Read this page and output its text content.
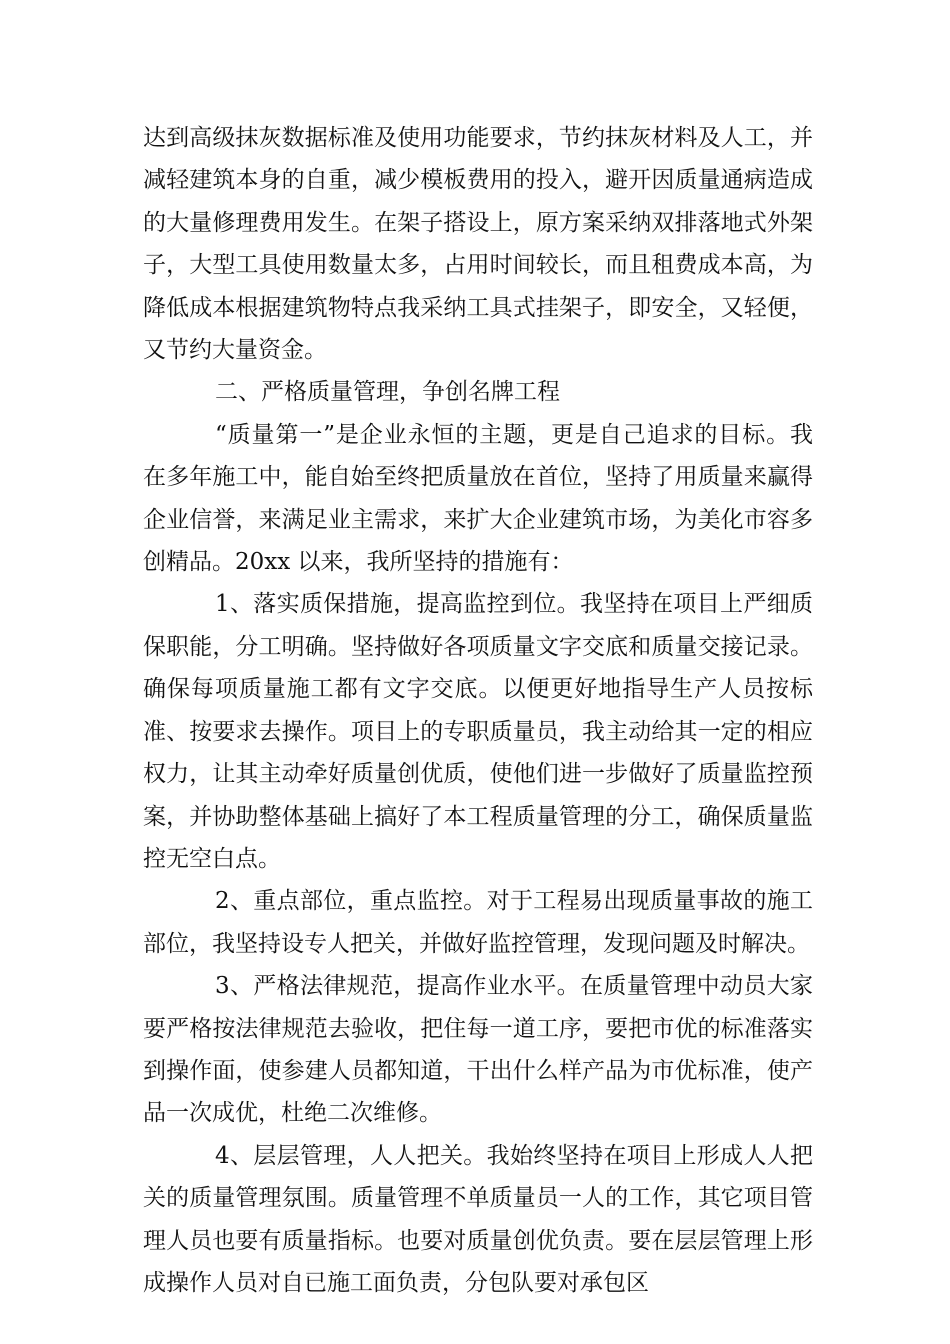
达到高级抹灰数据标准及使用功能要求，节约抹灰材料及人工，并减轻建筑本身的自重，减少模板费用的投入，避开因质量通病造成的大量修理费用发生。在架子搭设上，原方案采纳双排落地式外架子，大型工具使用数量太多，占用时间较长，而且租费成本高，为降低成本根据建筑物特点我采纳工具式挂架子，即安全，又轻便，又节约大量资金。

二、严格质量管理，争创名牌工程

“质量第一”是企业永恒的主题，更是自己追求的目标。我在多年施工中，能自始至终把质量放在首位，坚持了用质量来赢得企业信誉，来满足业主需求，来扩大企业建筑市场，为美化市容多创精品。20xx 以来，我所坚持的措施有：

1、落实质保措施，提高监控到位。我坚持在项目上严细质保职能，分工明确。坚持做好各项质量文字交底和质量交接记录。确保每项质量施工都有文字交底。以便更好地指导生产人员按标准、按要求去操作。项目上的专职质量员，我主动给其一定的相应权力，让其主动牵好质量创优质，使他们进一步做好了质量监控预案，并协助整体基础上搞好了本工程质量管理的分工，确保质量监控无空白点。

2、重点部位，重点监控。对于工程易出现质量事故的施工部位，我坚持设专人把关，并做好监控管理，发现问题及时解决。

3、严格法律规范，提高作业水平。在质量管理中动员大家要严格按法律规范去验收，把住每一道工序，要把市优的标准落实到操作面，使参建人员都知道，干出什么样产品为市优标准，使产品一次成优，杜绝二次维修。

4、层层管理，人人把关。我始终坚持在项目上形成人人把关的质量管理氛围。质量管理不单质量员一人的工作，其它项目管理人员也要有质量指标。也要对质量创优负责。要在层层管理上形成操作人员对自已施工面负责，分包队要对承包区
